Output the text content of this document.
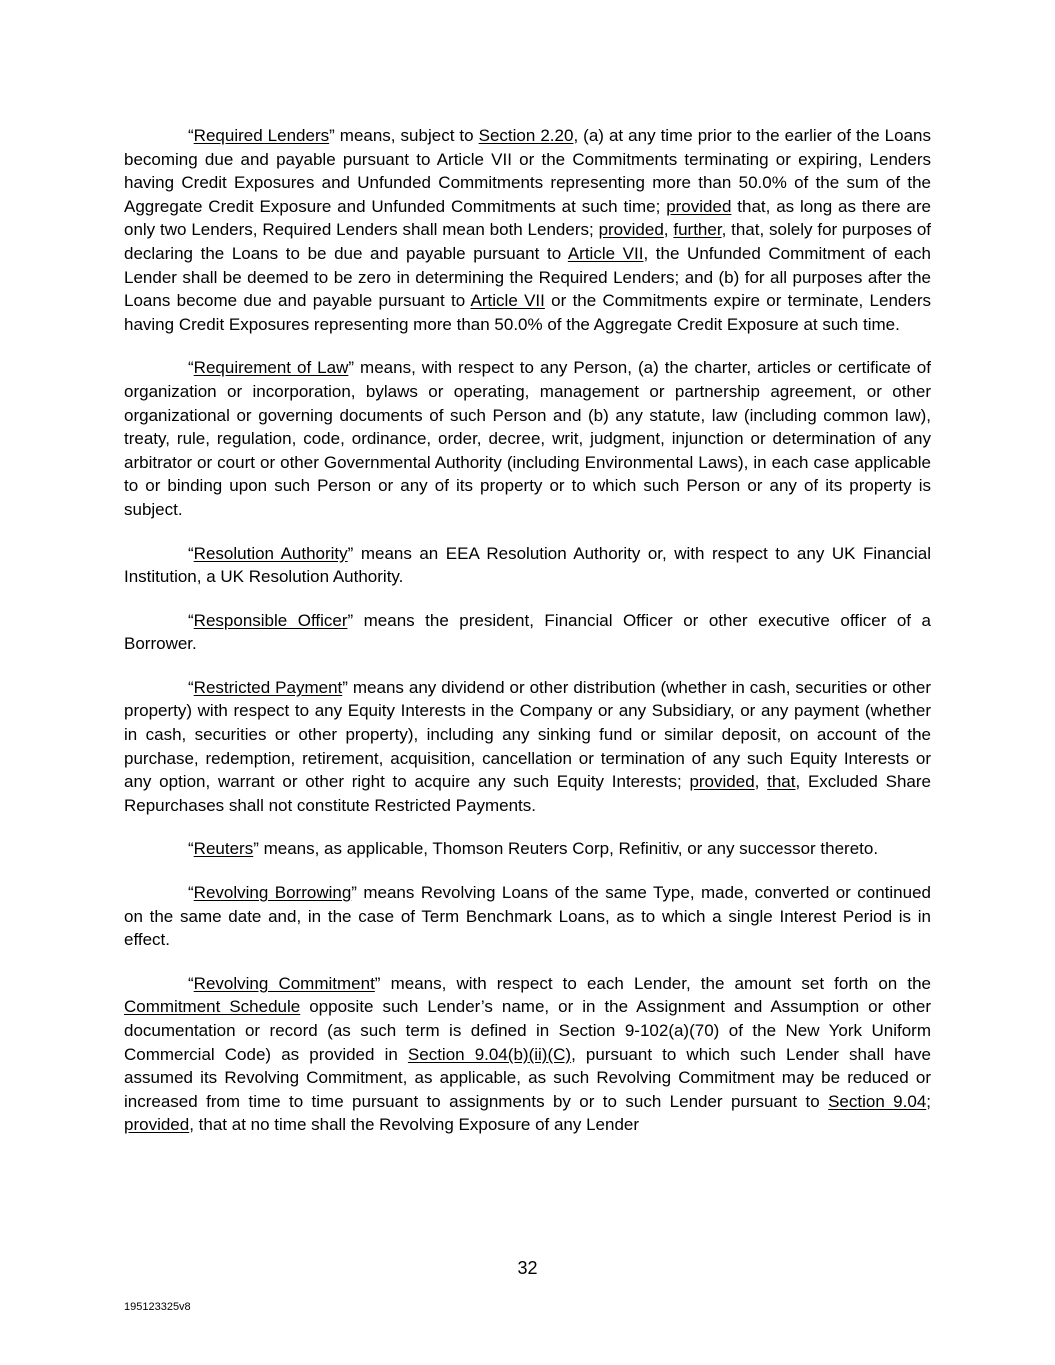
“Required Lenders” means, subject to Section 2.20, (a) at any time prior to the earlier of the Loans becoming due and payable pursuant to Article VII or the Commitments terminating or expiring, Lenders having Credit Exposures and Unfunded Commitments representing more than 50.0% of the sum of the Aggregate Credit Exposure and Unfunded Commitments at such time; provided that, as long as there are only two Lenders, Required Lenders shall mean both Lenders; provided, further, that, solely for purposes of declaring the Loans to be due and payable pursuant to Article VII, the Unfunded Commitment of each Lender shall be deemed to be zero in determining the Required Lenders; and (b) for all purposes after the Loans become due and payable pursuant to Article VII or the Commitments expire or terminate, Lenders having Credit Exposures representing more than 50.0% of the Aggregate Credit Exposure at such time.

“Requirement of Law” means, with respect to any Person, (a) the charter, articles or certificate of organization or incorporation, bylaws or operating, management or partnership agreement, or other organizational or governing documents of such Person and (b) any statute, law (including common law), treaty, rule, regulation, code, ordinance, order, decree, writ, judgment, injunction or determination of any arbitrator or court or other Governmental Authority (including Environmental Laws), in each case applicable to or binding upon such Person or any of its property or to which such Person or any of its property is subject.

“Resolution Authority” means an EEA Resolution Authority or, with respect to any UK Financial Institution, a UK Resolution Authority.

“Responsible Officer” means the president, Financial Officer or other executive officer of a Borrower.

“Restricted Payment” means any dividend or other distribution (whether in cash, securities or other property) with respect to any Equity Interests in the Company or any Subsidiary, or any payment (whether in cash, securities or other property), including any sinking fund or similar deposit, on account of the purchase, redemption, retirement, acquisition, cancellation or termination of any such Equity Interests or any option, warrant or other right to acquire any such Equity Interests; provided, that, Excluded Share Repurchases shall not constitute Restricted Payments.

“Reuters” means, as applicable, Thomson Reuters Corp, Refinitiv, or any successor thereto.

“Revolving Borrowing” means Revolving Loans of the same Type, made, converted or continued on the same date and, in the case of Term Benchmark Loans, as to which a single Interest Period is in effect.

“Revolving Commitment” means, with respect to each Lender, the amount set forth on the Commitment Schedule opposite such Lender’s name, or in the Assignment and Assumption or other documentation or record (as such term is defined in Section 9-102(a)(70) of the New York Uniform Commercial Code) as provided in Section 9.04(b)(ii)(C), pursuant to which such Lender shall have assumed its Revolving Commitment, as applicable, as such Revolving Commitment may be reduced or increased from time to time pursuant to assignments by or to such Lender pursuant to Section 9.04; provided, that at no time shall the Revolving Exposure of any Lender

32
195123325v8
